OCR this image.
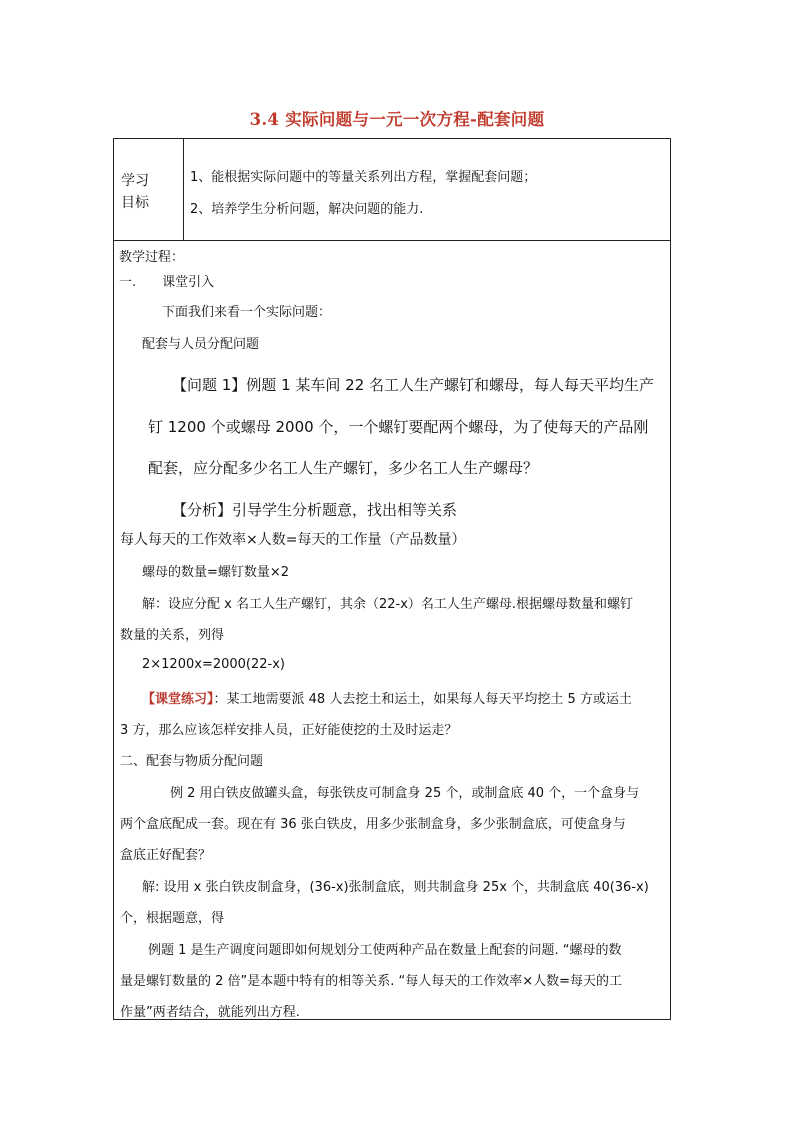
3.4 实际问题与一元一次方程-配套问题
学习
目标
1、能根据实际问题中的等量关系列出方程，掌握配套问题；
2、培养学生分析问题，解决问题的能力.
教学过程：
一.　　课堂引入
下面我们来看一个实际问题：
配套与人员分配问题
【问题 1】例题 1 某车间 22 名工人生产螺钉和螺母，每人每天平均生产
钉 1200 个或螺母 2000 个，一个螺钉要配两个螺母，为了使每天的产品刚
配套，应分配多少名工人生产螺钉，多少名工人生产螺母？
【分析】引导学生分析题意，找出相等关系
每人每天的工作效率×人数=每天的工作量（产品数量）
螺母的数量=螺钉数量×2
解：设应分配 x 名工人生产螺钉，其余（22-x）名工人生产螺母.根据螺母数量和螺钉
数量的关系，列得
2×1200x=2000(22-x)
【课堂练习】：某工地需要派 48 人去挖土和运土，如果每人每天平均挖土 5 方或运土
3 方，那么应该怎样安排人员，正好能使挖的土及时运走？
二、配套与物质分配问题
例 2 用白铁皮做罐头盒，每张铁皮可制盒身 25 个，或制盒底 40 个，一个盒身与
两个盒底配成一套。现在有 36 张白铁皮，用多少张制盒身，多少张制盒底，可使盒身与
盒底正好配套？
解: 设用 x 张白铁皮制盒身，(36-x)张制盒底，则共制盒身 25x 个，共制盒底 40(36-x)
个，根据题意，得
例题 1 是生产调度问题即如何规划分工使两种产品在数量上配套的问题. “螺母的数
量是螺钉数量的 2 倍”是本题中特有的相等关系. “每人每天的工作效率×人数=每天的工
作量”两者结合，就能列出方程.
